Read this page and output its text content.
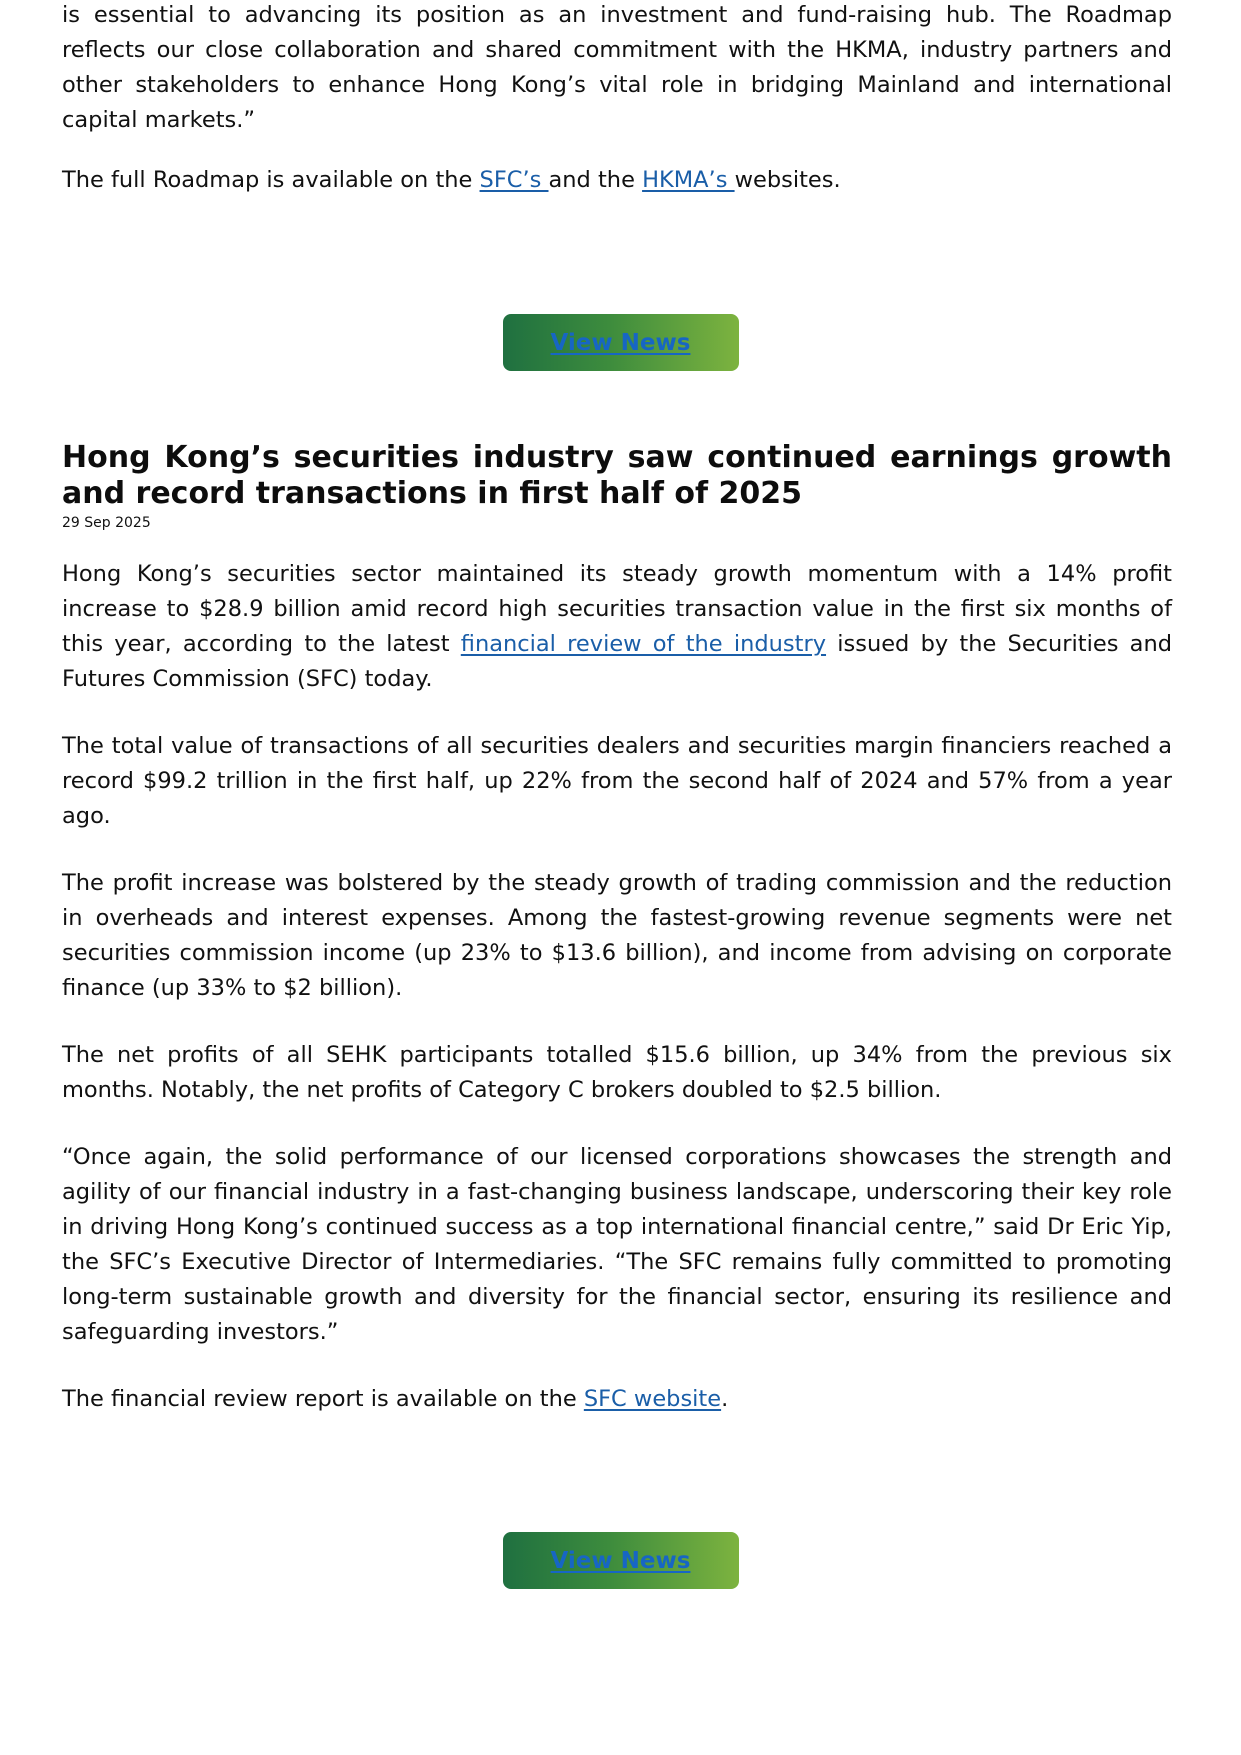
is essential to advancing its position as an investment and fund-raising hub. The Roadmap reflects our close collaboration and shared commitment with the HKMA, industry partners and other stakeholders to enhance Hong Kong’s vital role in bridging Mainland and international capital markets.”

The full Roadmap is available on the SFC’s and the HKMA’s websites.

View News
Hong Kong’s securities industry saw continued earnings growth and record transactions in first half of 2025

29 Sep 2025

Hong Kong’s securities sector maintained its steady growth momentum with a 14% profit increase to $28.9 billion amid record high securities transaction value in the first six months of this year, according to the latest financial review of the industry issued by the Securities and Futures Commission (SFC) today.

The total value of transactions of all securities dealers and securities margin financiers reached a record $99.2 trillion in the first half, up 22% from the second half of 2024 and 57% from a year ago.

The profit increase was bolstered by the steady growth of trading commission and the reduction in overheads and interest expenses. Among the fastest-growing revenue segments were net securities commission income (up 23% to $13.6 billion), and income from advising on corporate finance (up 33% to $2 billion).

The net profits of all SEHK participants totalled $15.6 billion, up 34% from the previous six months. Notably, the net profits of Category C brokers doubled to $2.5 billion.

“Once again, the solid performance of our licensed corporations showcases the strength and agility of our financial industry in a fast-changing business landscape, underscoring their key role in driving Hong Kong’s continued success as a top international financial centre,” said Dr Eric Yip, the SFC’s Executive Director of Intermediaries. “The SFC remains fully committed to promoting long-term sustainable growth and diversity for the financial sector, ensuring its resilience and safeguarding investors.”

The financial review report is available on the SFC website.

View News
